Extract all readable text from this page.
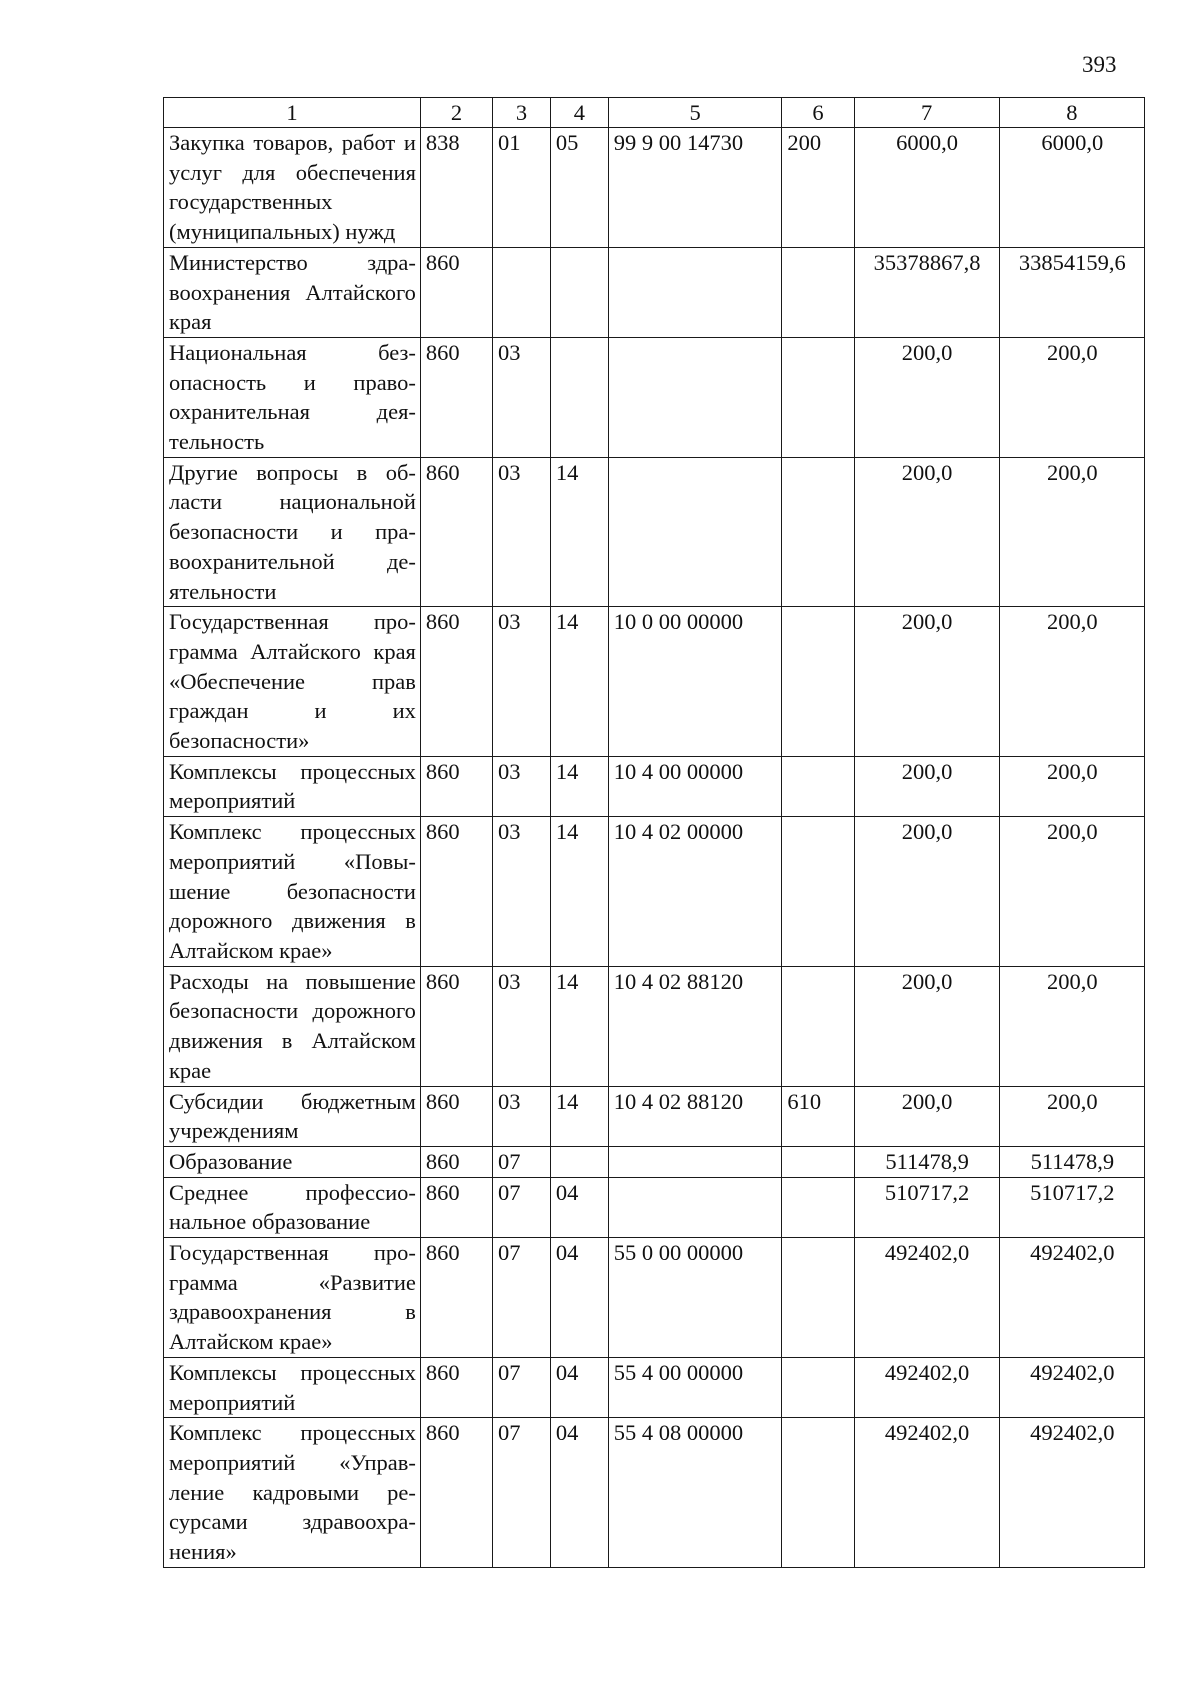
393
1	2	3	4	5	6	7	8
Закупка товаров, работ и услуг для обеспечения государственных (муниципальных) нужд	838	01	05	99 9 00 14730	200	6000,0	6000,0
Министерство здравоохранения Алтайского края	860					35378867,8	33854159,6
Национальная безопасность и правоохранительная деятельность	860	03				200,0	200,0
Другие вопросы в области национальной безопасности и правоохранительной деятельности	860	03	14			200,0	200,0
Государственная программа Алтайского края «Обеспечение прав граждан и их безопасности»	860	03	14	10 0 00 00000		200,0	200,0
Комплексы процессных мероприятий	860	03	14	10 4 00 00000		200,0	200,0
Комплекс процессных мероприятий «Повышение безопасности дорожного движения в Алтайском крае»	860	03	14	10 4 02 00000		200,0	200,0
Расходы на повышение безопасности дорожного движения в Алтайском крае	860	03	14	10 4 02 88120		200,0	200,0
Субсидии бюджетным учреждениям	860	03	14	10 4 02 88120	610	200,0	200,0
Образование	860	07				511478,9	511478,9
Среднее профессиональное образование	860	07	04			510717,2	510717,2
Государственная программа «Развитие здравоохранения в Алтайском крае»	860	07	04	55 0 00 00000		492402,0	492402,0
Комплексы процессных мероприятий	860	07	04	55 4 00 00000		492402,0	492402,0
Комплекс процессных мероприятий «Управление кадровыми ресурсами здравоохранения»	860	07	04	55 4 08 00000		492402,0	492402,0
